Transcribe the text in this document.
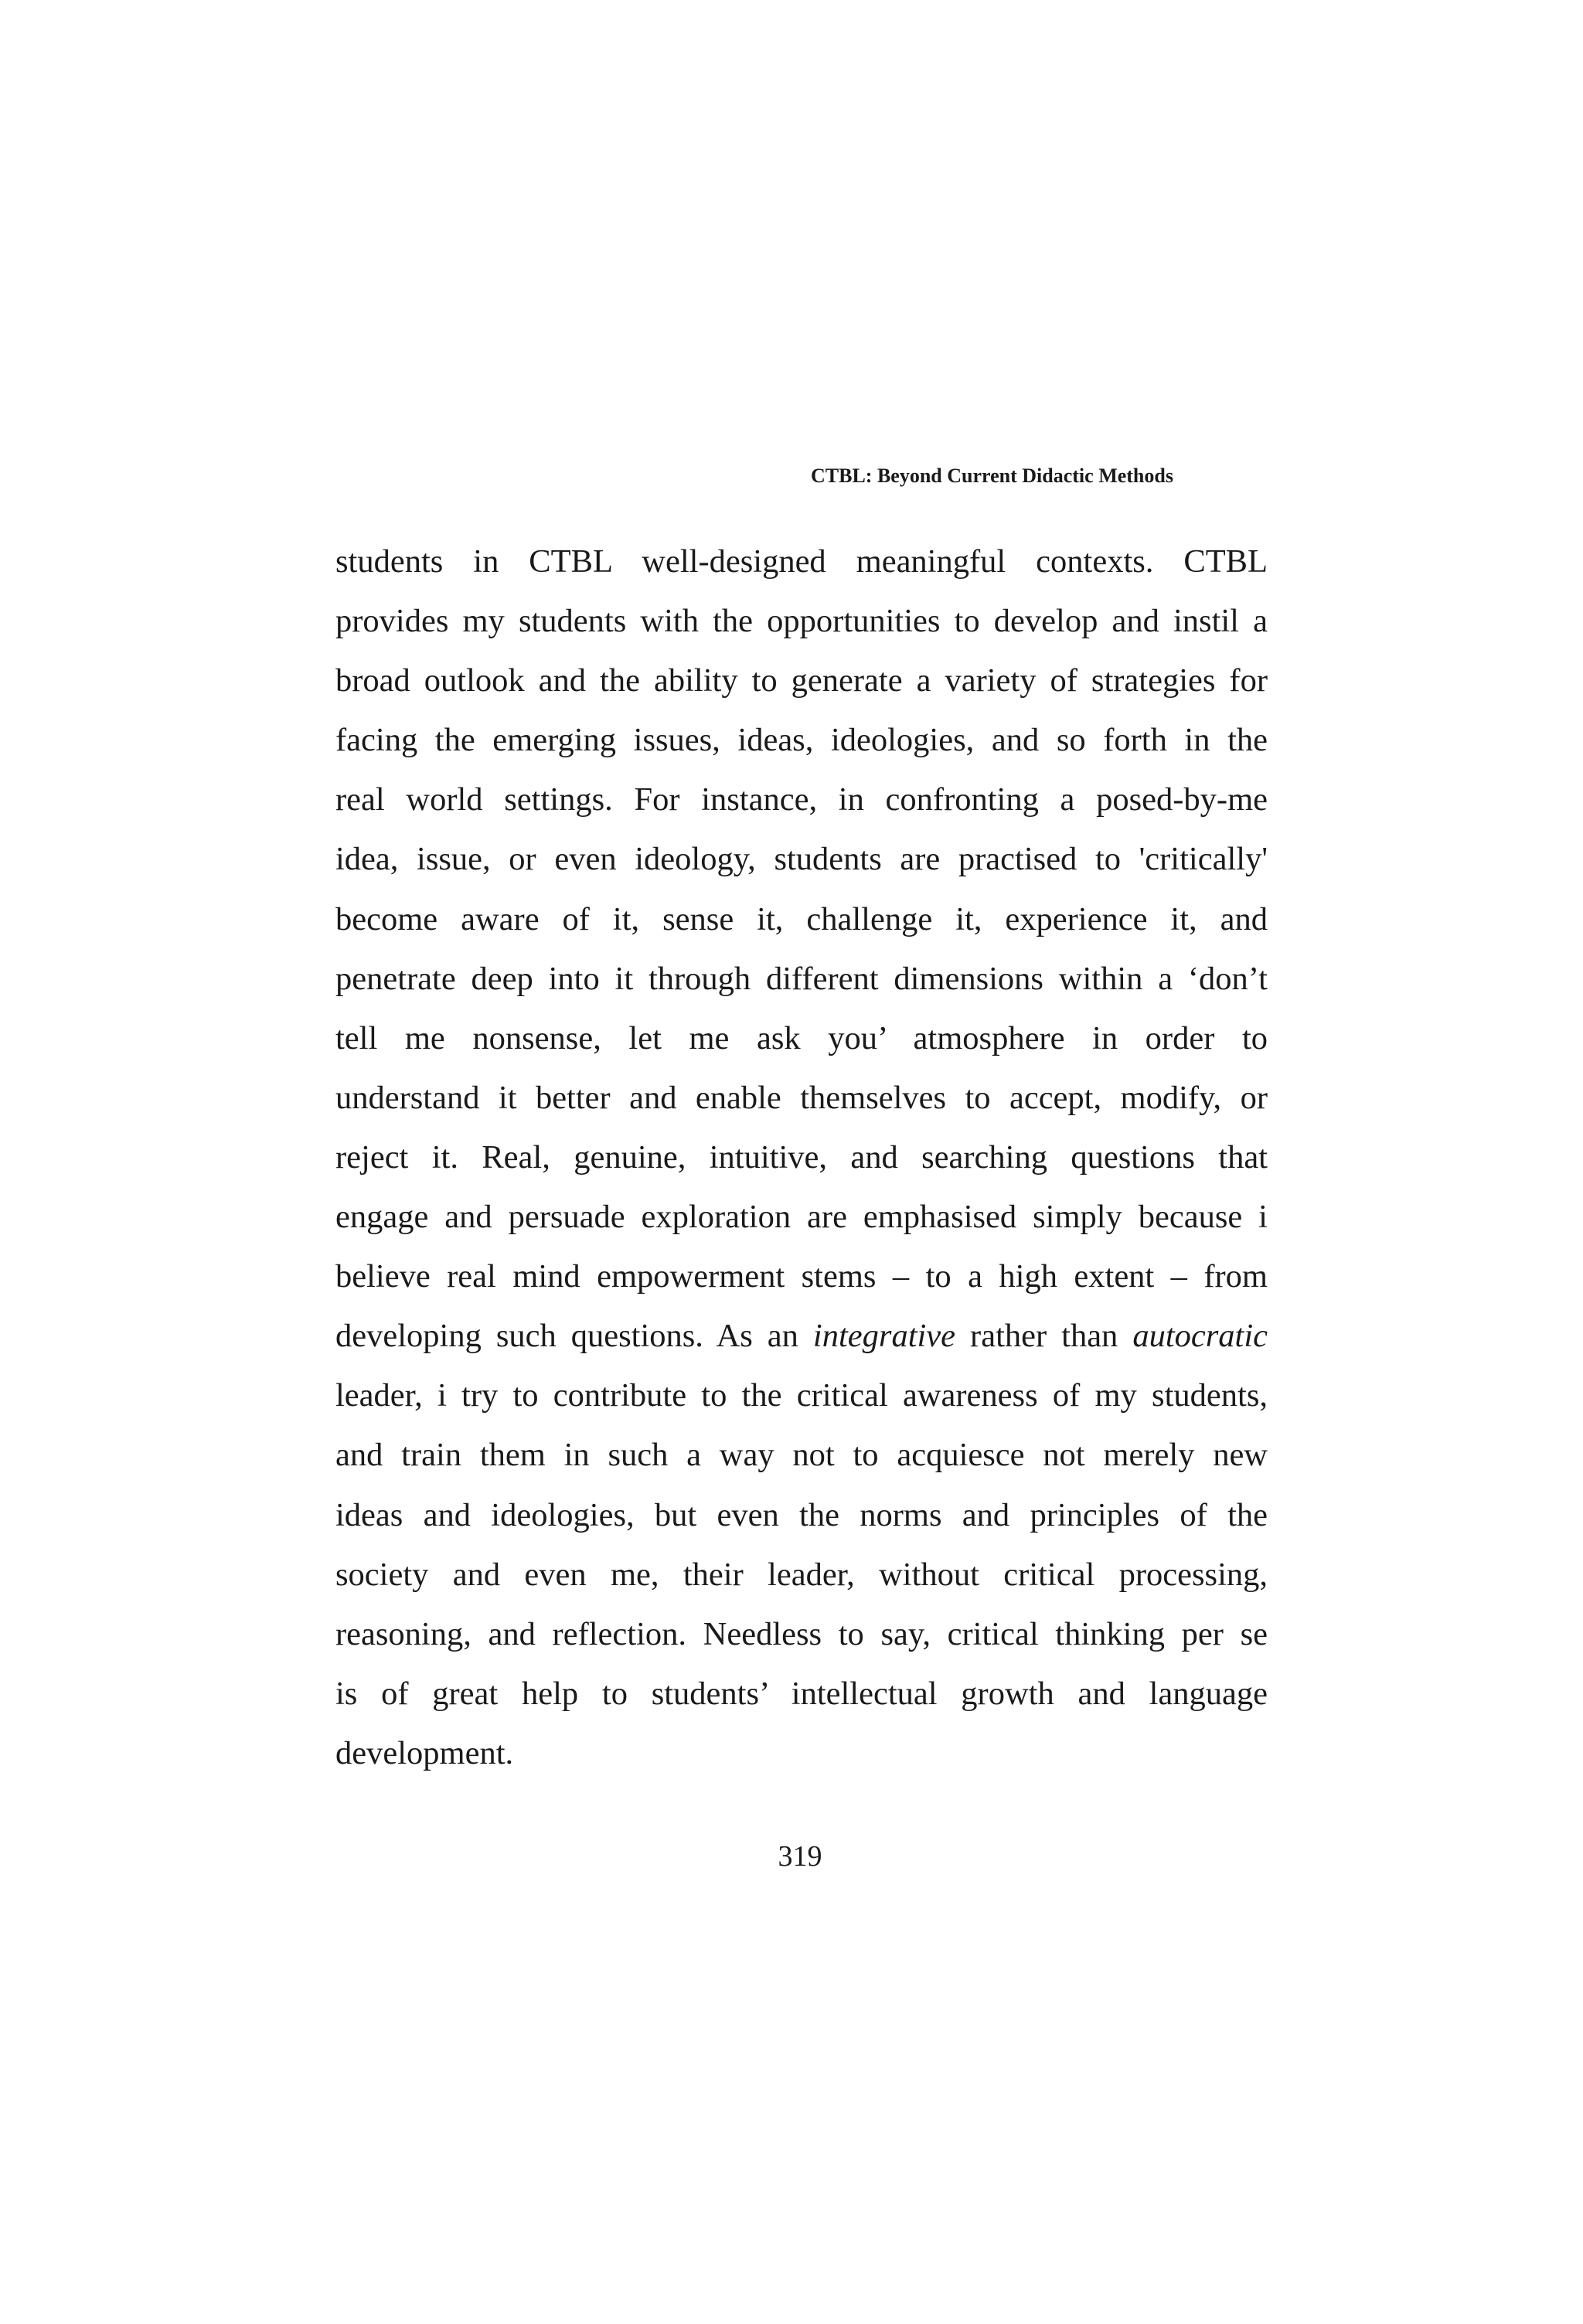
CTBL: Beyond Current Didactic Methods
students in CTBL well-designed meaningful contexts. CTBL
provides my students with the opportunities to develop and instil a
broad outlook and the ability to generate a variety of strategies for
facing the emerging issues, ideas, ideologies, and so forth in the
real world settings. For instance, in confronting a posed-by-me
idea, issue, or even ideology, students are practised to 'critically'
become aware of it, sense it, challenge it, experience it, and
penetrate deep into it through different dimensions within a ‘don’t
tell me nonsense, let me ask you’ atmosphere in order to
understand it better and enable themselves to accept, modify, or
reject it. Real, genuine, intuitive, and searching questions that
engage and persuade exploration are emphasised simply because i
believe real mind empowerment stems – to a high extent – from
developing such questions. As an integrative rather than autocratic
leader, i try to contribute to the critical awareness of my students,
and train them in such a way not to acquiesce not merely new
ideas and ideologies, but even the norms and principles of the
society and even me, their leader, without critical processing,
reasoning, and reflection. Needless to say, critical thinking per se
is of great help to students’ intellectual growth and language
development.
319
